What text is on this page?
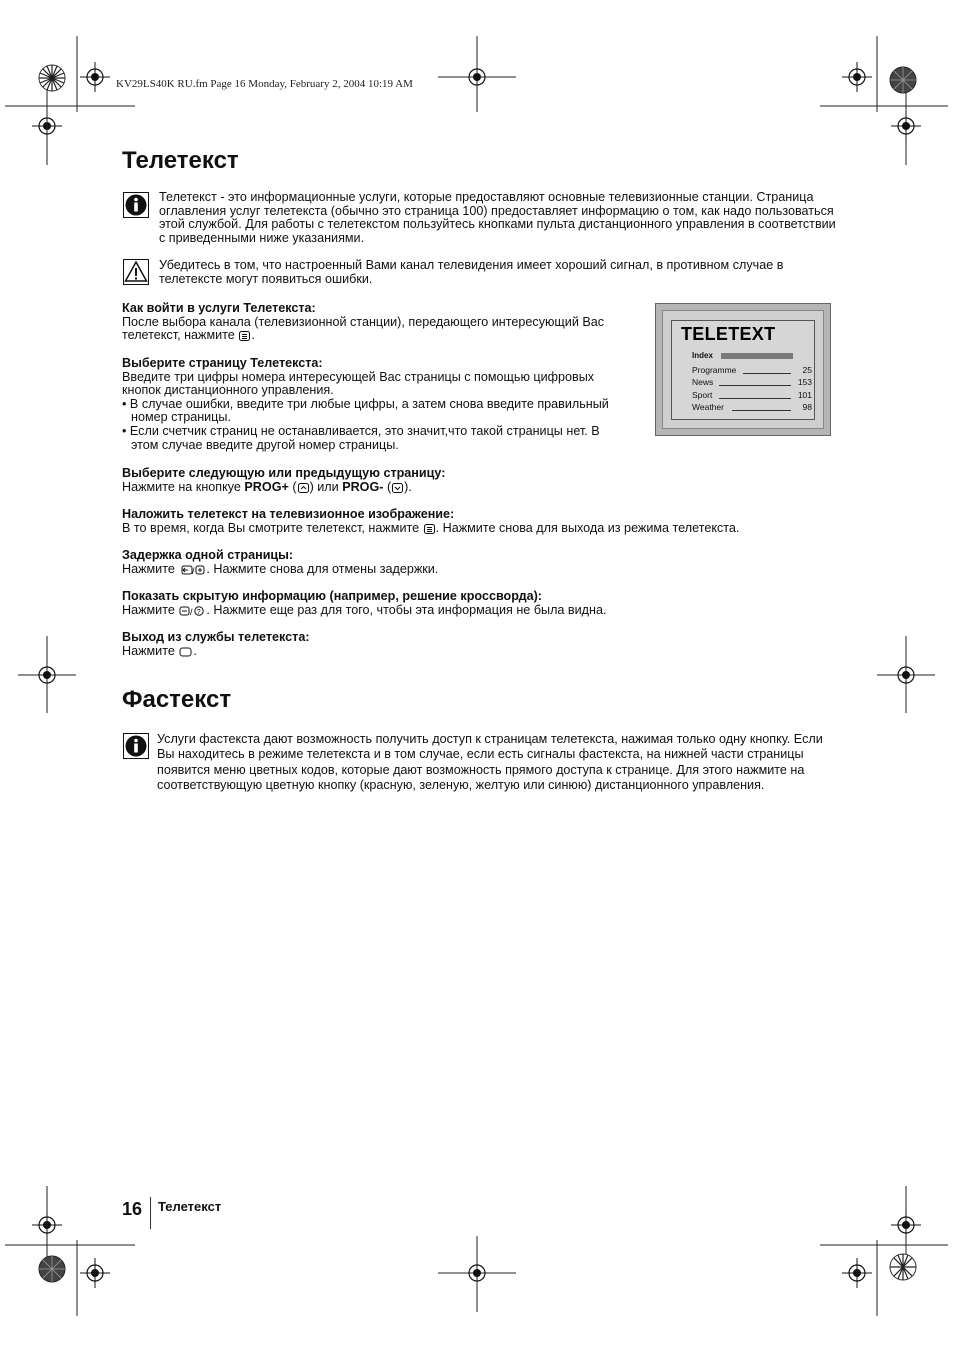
KV29LS40K RU.fm Page 16 Monday, February 2, 2004 10:19 AM
Телетекст
Телетекст - это информационные услуги, которые предоставляют основные телевизионные станции. Страница оглавления услуг телетекста (обычно это страница 100) предоставляет информацию о том, как надо пользоваться этой службой. Для работы с телетекстом пользуйтесь кнопками пульта дистанционного управления в соответствии с приведенными ниже указаниями.
Убедитесь в том, что настроенный Вами канал телевидения имеет хороший сигнал, в противном случае в телетексте могут появиться ошибки.
Как войти в услуги Телетекста:
После выбора канала (телевизионной станции), передающего интересующий Вас телетекст, нажмите .
Выберите страницу Телетекста:
Введите три цифры номера интересующей Вас страницы с помощью цифровых кнопок дистанционного управления.
• В случае ошибки, введите три любые цифры, а затем снова введите правильный номер страницы.
• Если счетчик страниц не останавливается, это значит,что такой страницы нет. В этом случае введите другой номер страницы.
Выберите следующую или предыдущую страницу:
Нажмите на кнопкуе PROG+ ( ) или PROG- ( ).
Наложить телетекст на телевизионное изображение:
В то время, когда Вы смотрите телетекст, нажмите . Нажмите снова для выхода из режима телетекста.
Задержка одной страницы:
Нажмите / . Нажмите снова для отмены задержки.
Показать скрытую информацию (например, решение кроссворда):
Нажмите / ? . Нажмите еще раз для того, чтобы эта информация не была видна.
Выход из службы телетекста:
Нажмите .
TELETEXT
Index
Programme	25
News	153
Sport	101
Weather	98
Фастекст
Услуги фастекста дают возможность получить доступ к страницам телетекста, нажимая только одну кнопку. Если Вы находитесь в режиме телетекста и в том случае, если есть сигналы фастекста, на нижней части страницы появится меню цветных кодов, которые дают возможность прямого доступа к странице. Для этого нажмите на соответствующую цветную кнопку (красную, зеленую, желтую или синюю) дистанционного управления.
16 Телетекст
